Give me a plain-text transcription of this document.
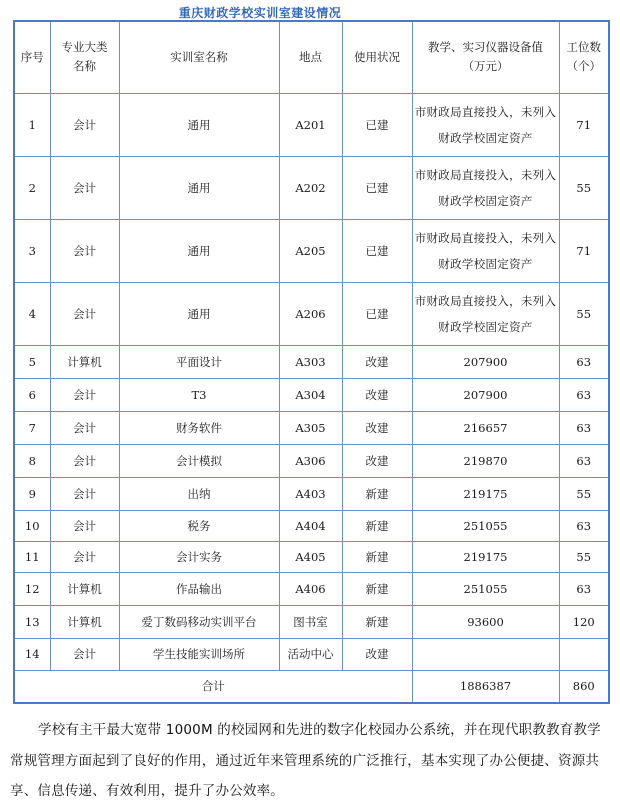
重庆财政学校实训室建设情况
序号	专业大类名称	实训室名称	地点	使用状况	教学、实习仪器设备值（万元）	工位数（个）
1	会计	通用	A201	已建	市财政局直接投入，未列入财政学校固定资产	71
2	会计	通用	A202	已建	市财政局直接投入，未列入财政学校固定资产	55
3	会计	通用	A205	已建	市财政局直接投入，未列入财政学校固定资产	71
4	会计	通用	A206	已建	市财政局直接投入，未列入财政学校固定资产	55
5	计算机	平面设计	A303	改建	207900	63
6	会计	T3	A304	改建	207900	63
7	会计	财务软件	A305	改建	216657	63
8	会计	会计模拟	A306	改建	219870	63
9	会计	出纳	A403	新建	219175	55
10	会计	税务	A404	新建	251055	63
11	会计	会计实务	A405	新建	219175	55
12	计算机	作品输出	A406	新建	251055	63
13	计算机	爱丁数码移动实训平台	图书室	新建	93600	120
14	会计	学生技能实训场所	活动中心	改建		
合计					1886387	860
学校有主干最大宽带 1000M 的校园网和先进的数字化校园办公系统，并在现代职教教育教学常规管理方面起到了良好的作用，通过近年来管理系统的广泛推行，基本实现了办公便捷、资源共享、信息传递、有效利用，提升了办公效率。
